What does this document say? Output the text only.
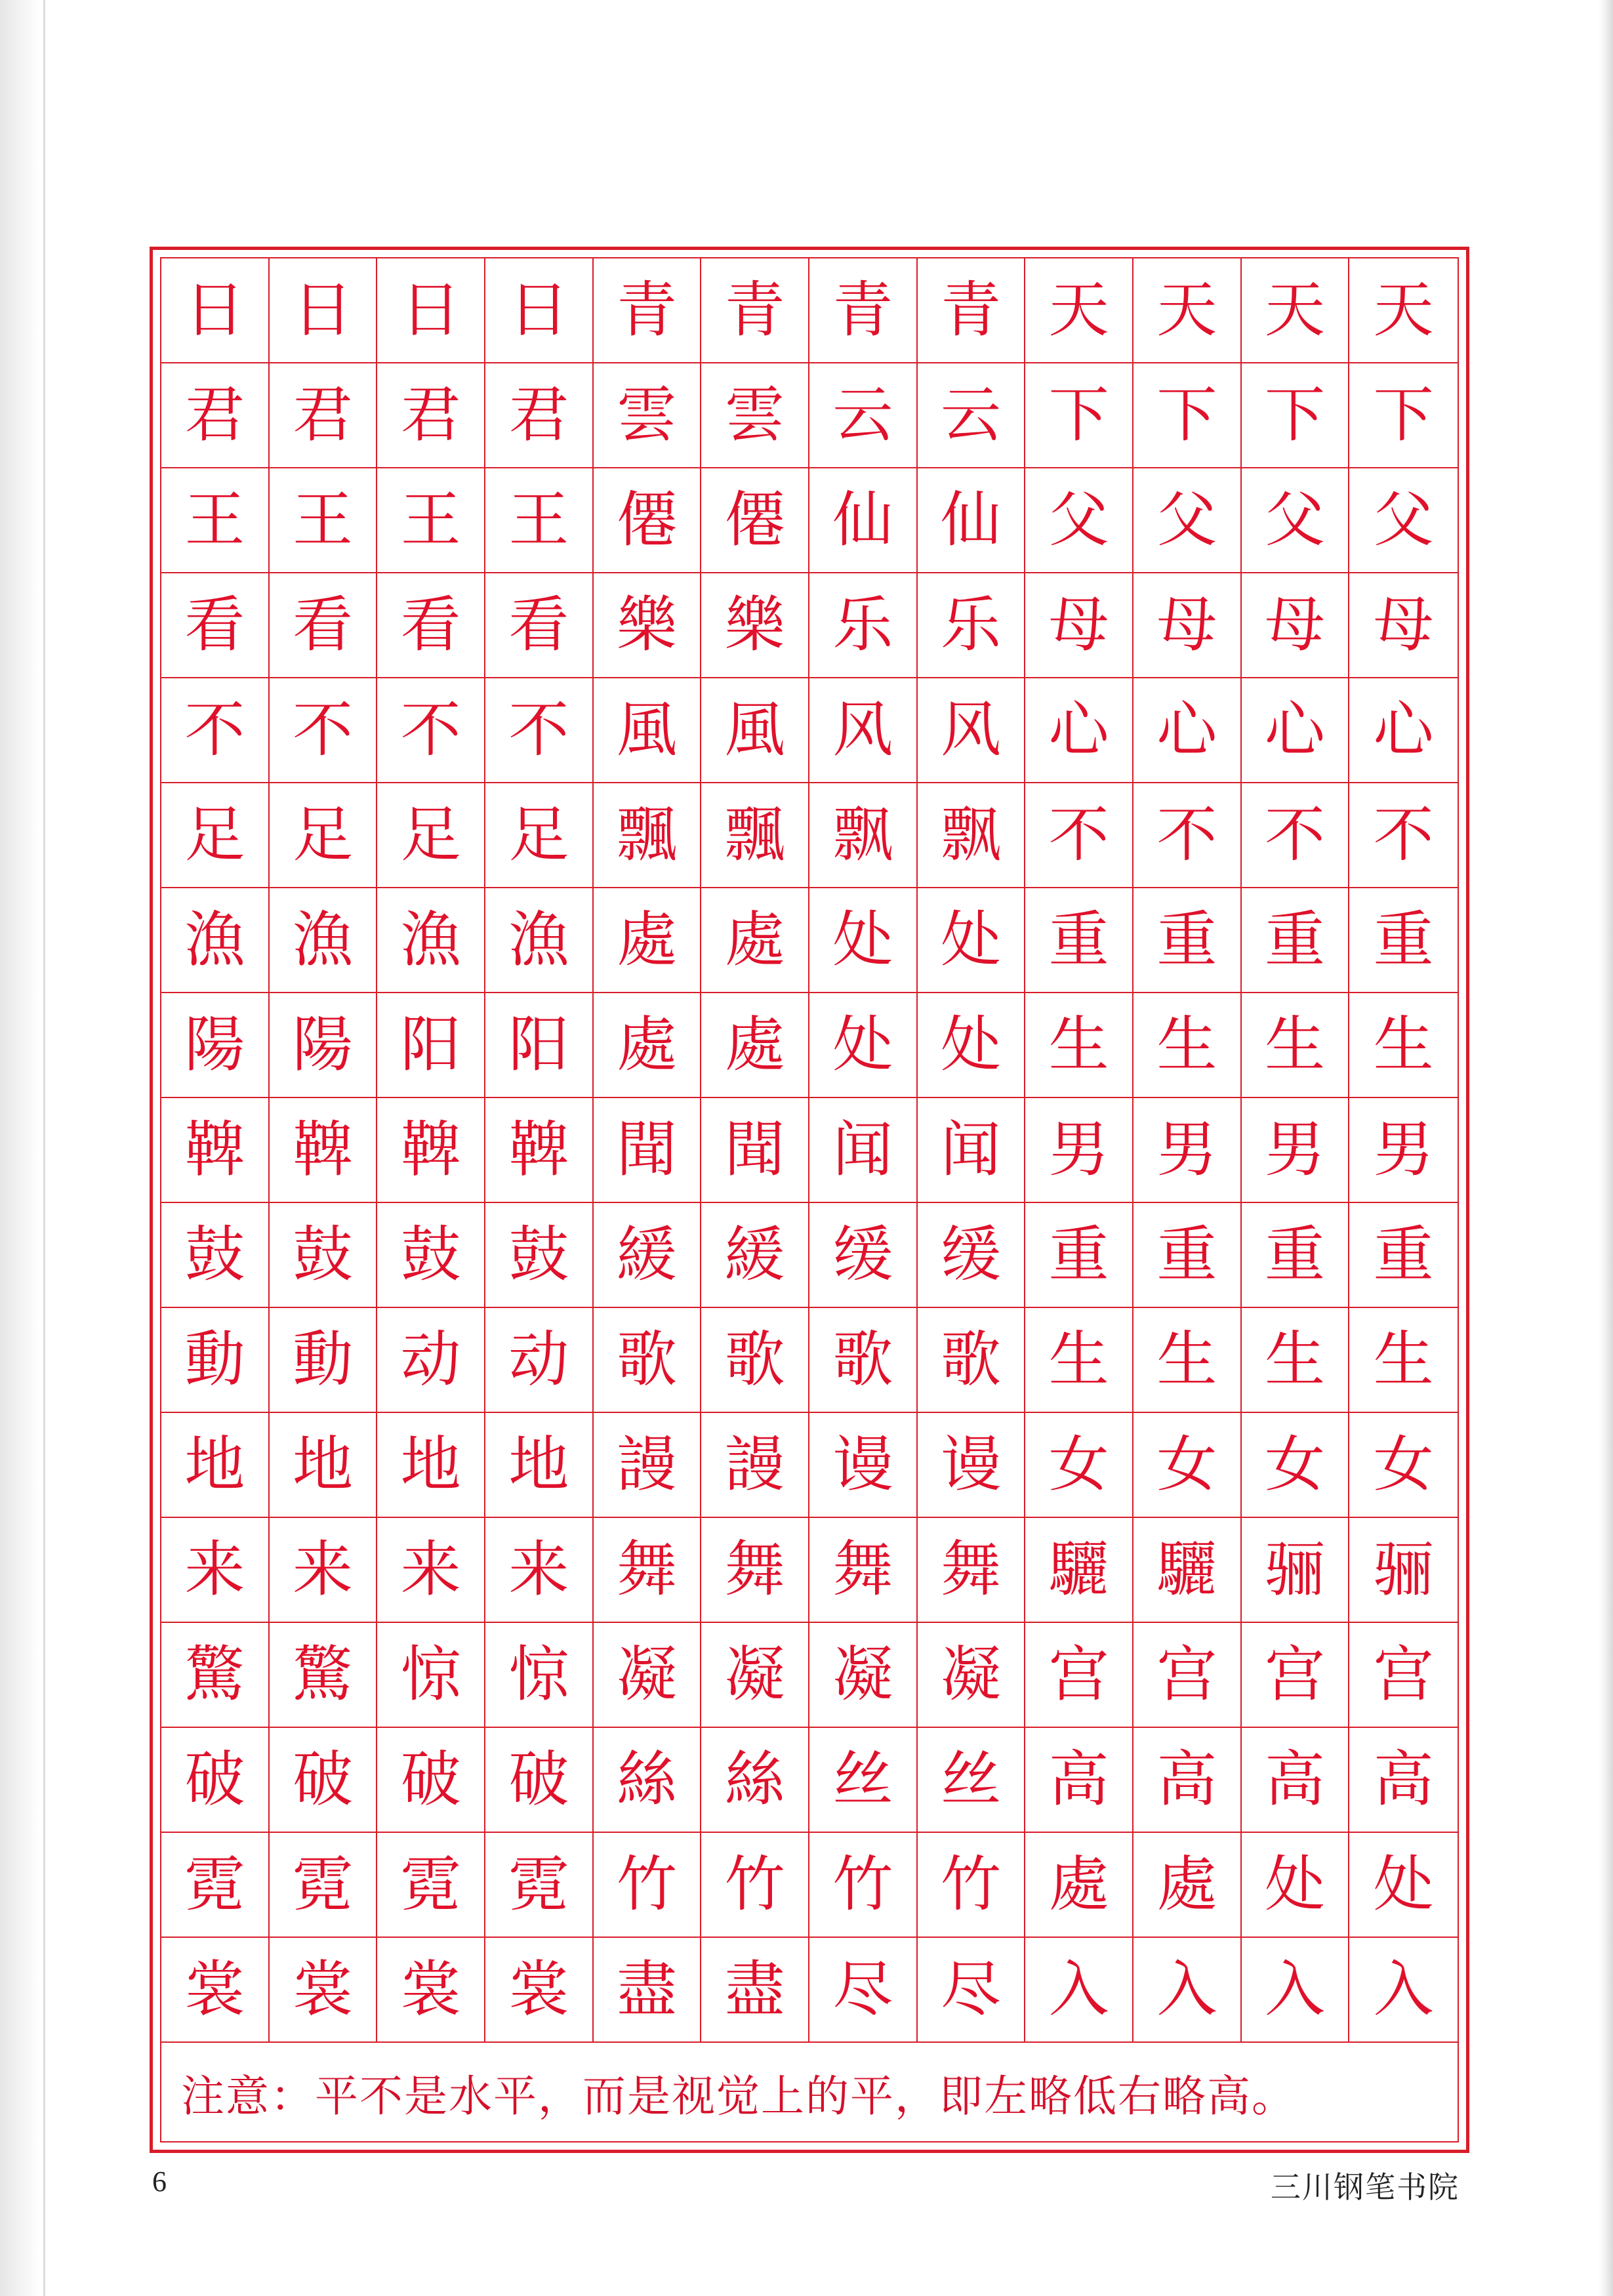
日 日 日 日 青 青 青 青 天 天 天 天
君 君 君 君 雲 雲 云 云 下 下 下 下
王 王 王 王 僊 僊 仙 仙 父 父 父 父
看 看 看 看 樂 樂 乐 乐 母 母 母 母
不 不 不 不 風 風 风 风 心 心 心 心
足 足 足 足 飄 飄 飘 飘 不 不 不 不
漁 漁 漁 漁 處 處 处 处 重 重 重 重
陽 陽 阳 阳 處 處 处 处 生 生 生 生
鞞 鞞 鞞 鞞 聞 聞 闻 闻 男 男 男 男
鼓 鼓 鼓 鼓 緩 緩 缓 缓 重 重 重 重
動 動 动 动 歌 歌 歌 歌 生 生 生 生
地 地 地 地 謾 謾 谩 谩 女 女 女 女
来 来 来 来 舞 舞 舞 舞 驪 驪 骊 骊
驚 驚 惊 惊 凝 凝 凝 凝 宫 宫 宫 宫
破 破 破 破 絲 絲 丝 丝 高 高 高 高
霓 霓 霓 霓 竹 竹 竹 竹 處 處 处 处
裳 裳 裳 裳 盡 盡 尽 尽 入 入 入 入
注意：平不是水平，而是视觉上的平，即左略低右略高。
6	三川钢笔书院
